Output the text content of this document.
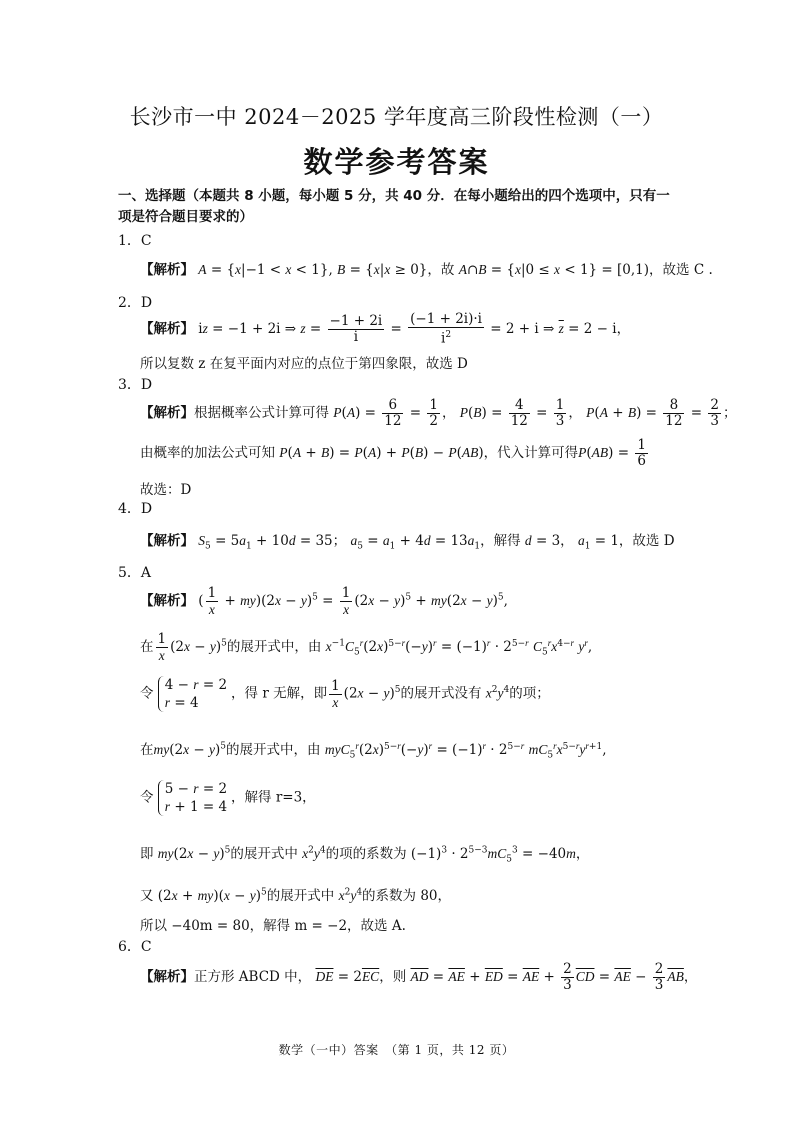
长沙市一中 2024－2025 学年度高三阶段性检测（一）
数学参考答案
一、选择题（本题共 8 小题，每小题 5 分，共 40 分．在每小题给出的四个选项中，只有一项是符合题目要求的）
1．C
【解析】 A = {x|−1 < x < 1}, B = {x|x ≥ 0}，故 A∩B = {x|0 ≤ x < 1} = [0,1)，故选 C .
2．D
【解析】 iz = −1 + 2i ⇒ $z = \frac{-1 + 2i}{i} = \frac{(-1 + 2i)\cdot i}{i^2} = 2 + i$ ⇒ $\overline{z} = 2 - i$，
所以复数 z 在复平面内对应的点位于第四象限，故选 D
3．D
【解析】根据概率公式计算可得 $P(A) = \frac{6}{12} = \frac{1}{2}$ ， $P(B) = \frac{4}{12} = \frac{1}{3}$ ， $P(A + B) = \frac{8}{12} = \frac{2}{3}$ ；
由概率的加法公式可知 P(A + B) = P(A) + P(B) − P(AB)，代入计算可得$P(AB) = \frac{1}{6}$
故选：D
4．D
【解析】 $S_5 = 5a_1 + 10d = 35$； $a_5 = a_1 + 4d = 13a_1$，解得 d = 3， $a_1 = 1$，故选 D
5．A
【解析】 ( $\frac{1}{x} + my)(2x - y)^5 = \frac{1}{x} (2x - y)^5 + my(2x - y)^5$,
在 $\frac{1}{x} (2x - y)^5$的展开式中，由 $x^{-1}C_5^r(2x)^{5-r}(-y)^r = (-1)^r \cdot 2^{5-r}$ $C_5^rx^{4-r}$ $y^r$,
令
4 − r = 2
r = 4
，得 r 无解，即 $\frac{1}{x} (2x - y)^5$的展开式没有 $x^2y^4$的项；
在$my(2x - y)^5$的展开式中，由 $myC_5^r(2x)^{5-r}(-y)^r = (-1)^r \cdot 2^{5-r}$ $mC_5^rx^{5-r}y^{r+1}$,
令
5 − r = 2
r + 1 = 4
，解得 r=3，
即 $my(2x - y)^5$的展开式中 $x^2y^4$的项的系数为 $(-1)^3 \cdot 2^{5-3}mC_5^3 = -40m$，
又 $(2x + my)(x - y)^5$的展开式中 $x^2y^4$的系数为 80，
所以 −40m = 80，解得 m = −2，故选 A.
6．C
【解析】正方形 ABCD 中， $\overline{DE} = 2\overline{EC}$，则 $\overline{AD} = \overline{AE} + \overline{ED} = \overline{AE} + \frac{2}{3} \overline{CD} = \overline{AE} - \frac{2}{3} \overline{AB}$，
数学（一中）答案　（第 1 页，共 12 页）
